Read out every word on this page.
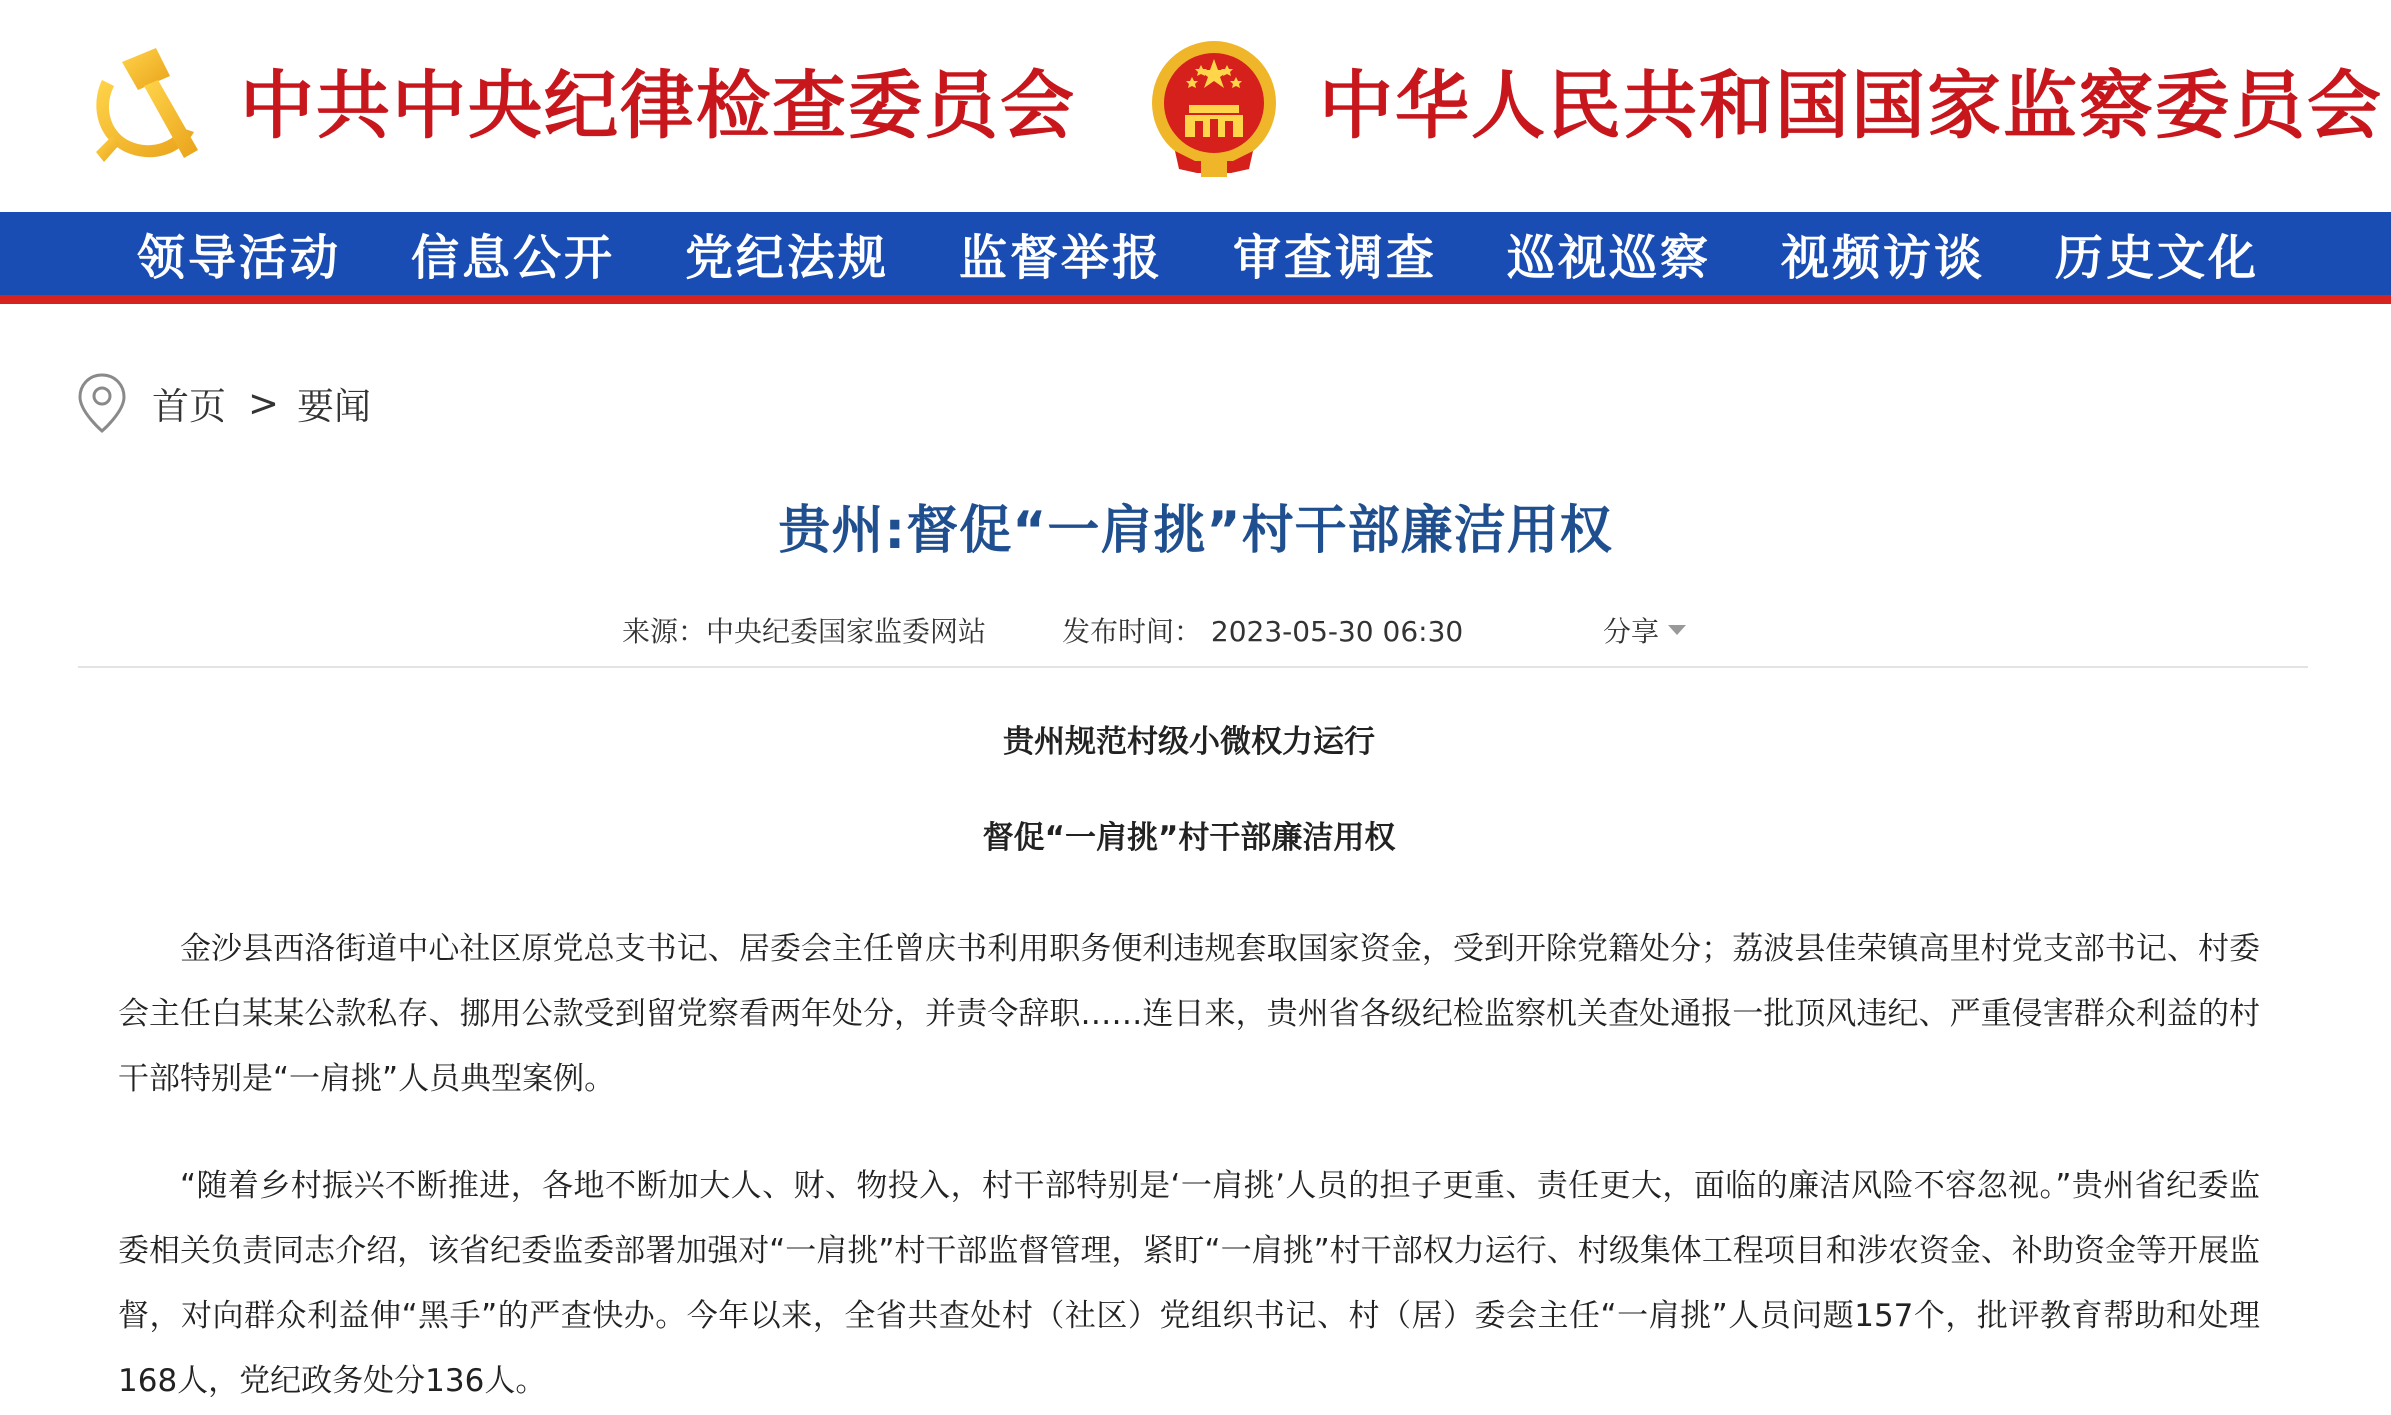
中共中央纪律检查委员会	中华人民共和国国家监察委员会
领导活动	信息公开	党纪法规	监督举报	审查调查	巡视巡察	视频访谈	历史文化
首页 > 要闻
贵州:督促“一肩挑”村干部廉洁用权
来源：中央纪委国家监委网站	发布时间： 2023-05-30 06:30	分享

贵州规范村级小微权力运行

督促“一肩挑”村干部廉洁用权

金沙县西洛街道中心社区原党总支书记、居委会主任曾庆书利用职务便利违规套取国家资金，受到开除党籍处分；荔波县佳荣镇高里村党支部书记、村委会主任白某某公款私存、挪用公款受到留党察看两年处分，并责令辞职……连日来，贵州省各级纪检监察机关查处通报一批顶风违纪、严重侵害群众利益的村干部特别是“一肩挑”人员典型案例。

“随着乡村振兴不断推进，各地不断加大人、财、物投入，村干部特别是‘一肩挑’人员的担子更重、责任更大，面临的廉洁风险不容忽视。”贵州省纪委监委相关负责同志介绍，该省纪委监委部署加强对“一肩挑”村干部监督管理，紧盯“一肩挑”村干部权力运行、村级集体工程项目和涉农资金、补助资金等开展监督，对向群众利益伸“黑手”的严查快办。今年以来，全省共查处村（社区）党组织书记、村（居）委会主任“一肩挑”人员问题157个，批评教育帮助和处理168人，党纪政务处分136人。
